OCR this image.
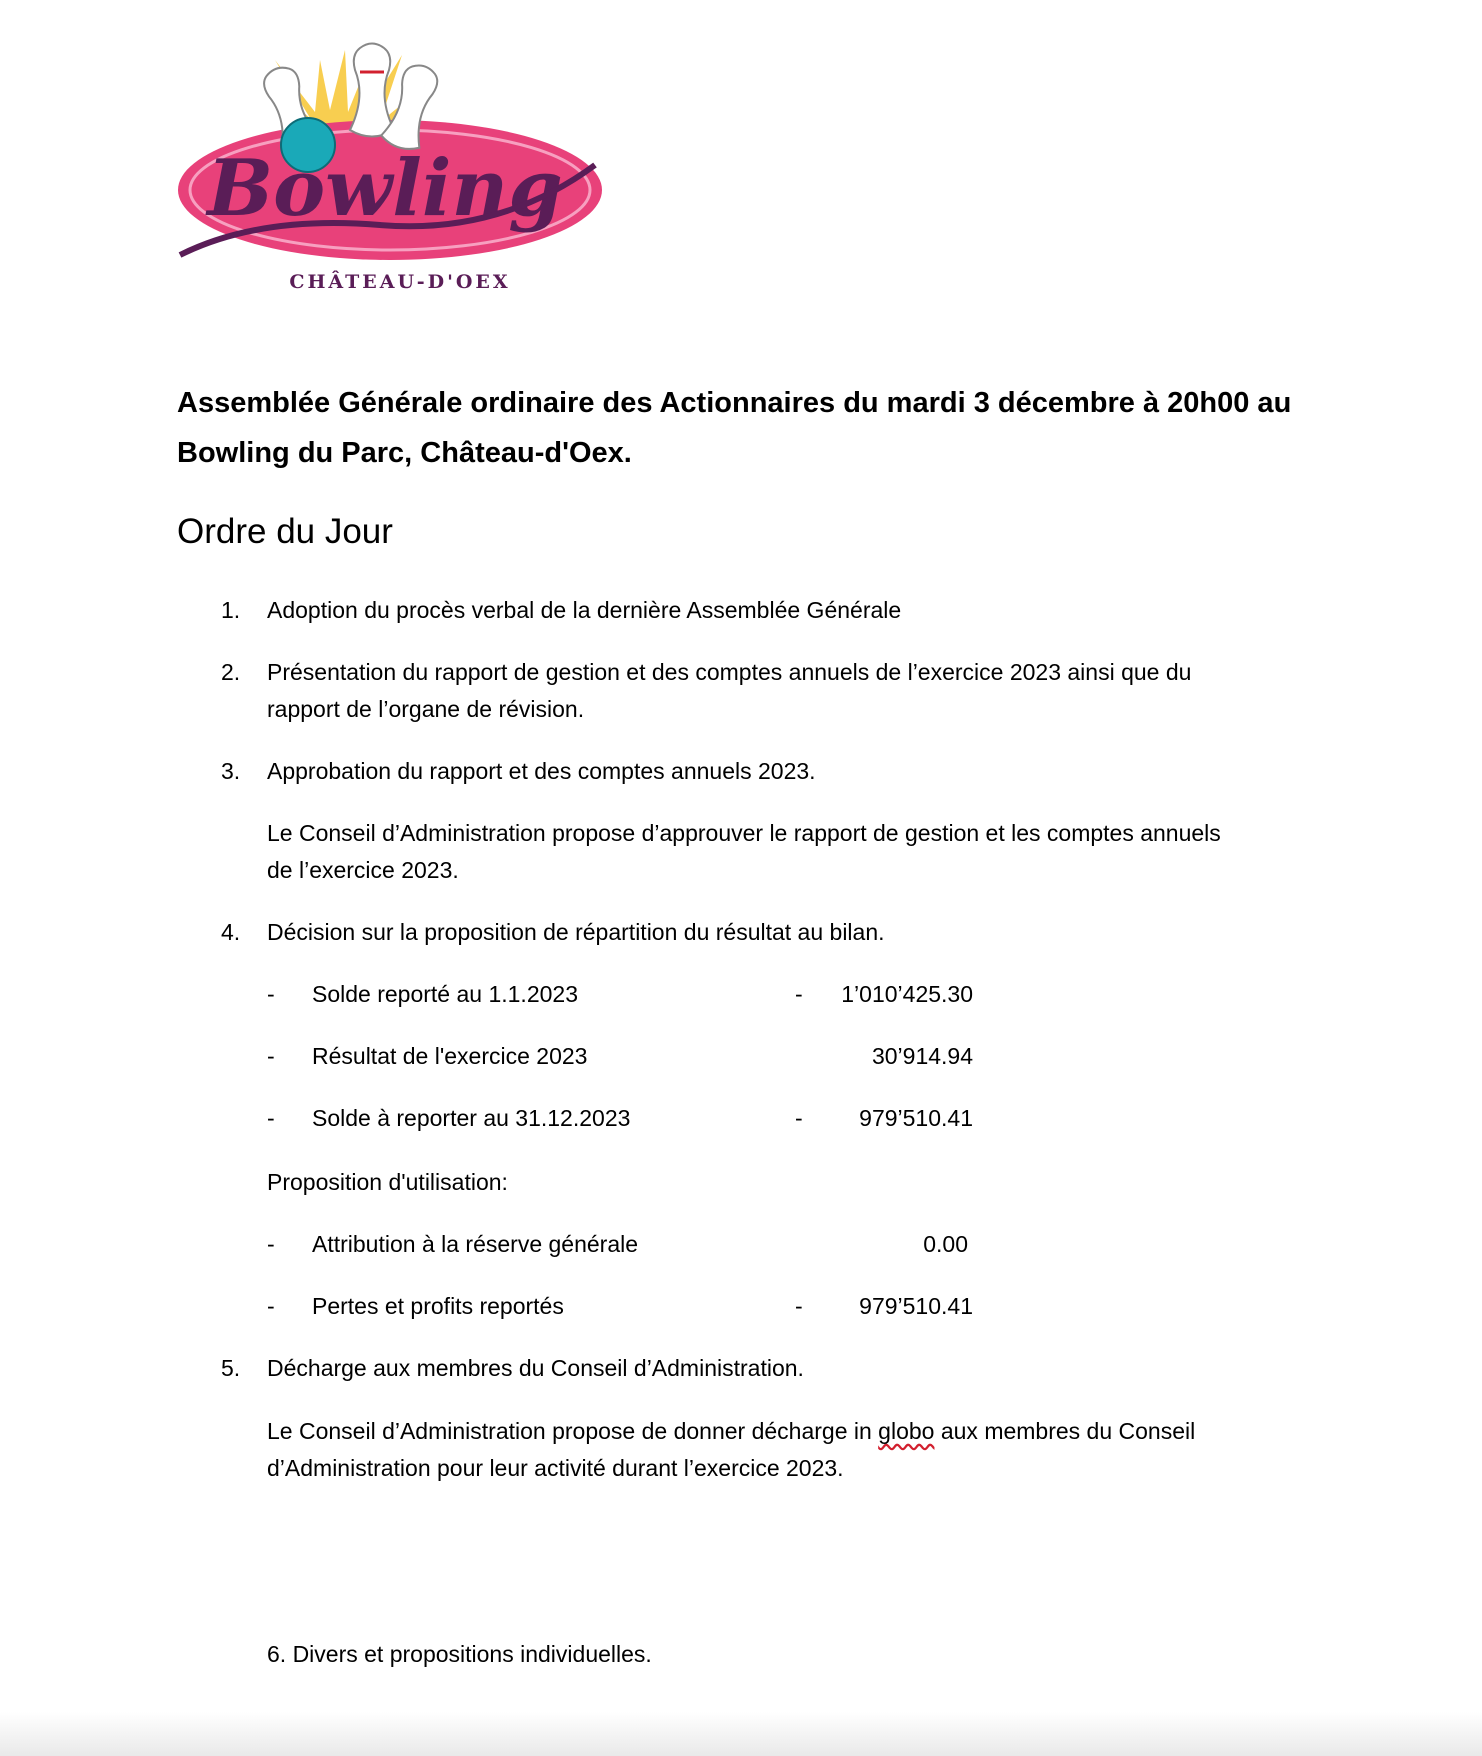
Bowling
CHÂTEAU-D'OEX
Assemblée Générale ordinaire des Actionnaires du mardi 3 décembre à 20h00 au Bowling du Parc, Château-d'Oex.
Ordre du Jour
1. Adoption du procès verbal de la dernière Assemblée Générale
2. Présentation du rapport de gestion et des comptes annuels de l’exercice 2023 ainsi que du
rapport de l’organe de révision.
3. Approbation du rapport et des comptes annuels 2023.
Le Conseil d’Administration propose d’approuver le rapport de gestion et les comptes annuels
de l’exercice 2023.
4. Décision sur la proposition de répartition du résultat au bilan.
- Solde reporté au 1.1.2023	-	1’010’425.30
- Résultat de l'exercice 2023	30’914.94
- Solde à reporter au 31.12.2023	-	979’510.41
Proposition d'utilisation:
- Attribution à la réserve générale	0.00
- Pertes et profits reportés	-	979’510.41
5. Décharge aux membres du Conseil d’Administration.
Le Conseil d’Administration propose de donner décharge in globo aux membres du Conseil
d’Administration pour leur activité durant l’exercice 2023.
6. Divers et propositions individuelles.
